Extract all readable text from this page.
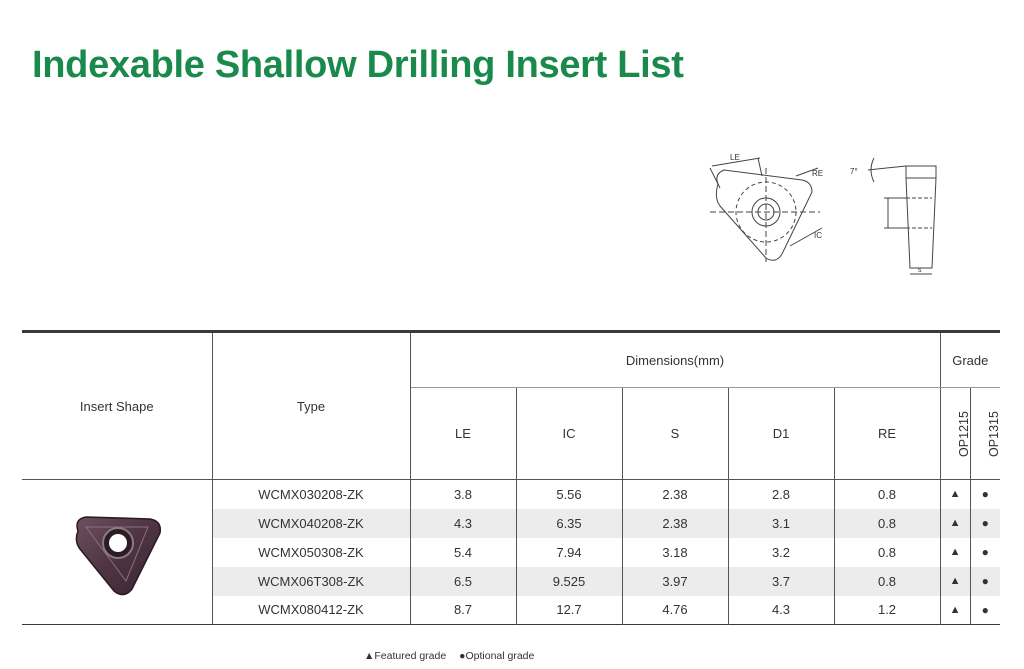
Indexable Shallow Drilling Insert List
LE
RE
IC
7°
s
Insert Shape	Type	Dimensions(mm)					Grade	
		LE	IC	S	D1	RE	OP1215	OP1315

	WCMX030208-ZK	3.8	5.56	2.38	2.8	0.8	▲	●
	WCMX040208-ZK	4.3	6.35	2.38	3.1	0.8	▲	●
	WCMX050308-ZK	5.4	7.94	3.18	3.2	0.8	▲	●
	WCMX06T308-ZK	6.5	9.525	3.97	3.7	0.8	▲	●
	WCMX080412-ZK	8.7	12.7	4.76	4.3	1.2	▲	●
▲Featured grade ●Optional grade
